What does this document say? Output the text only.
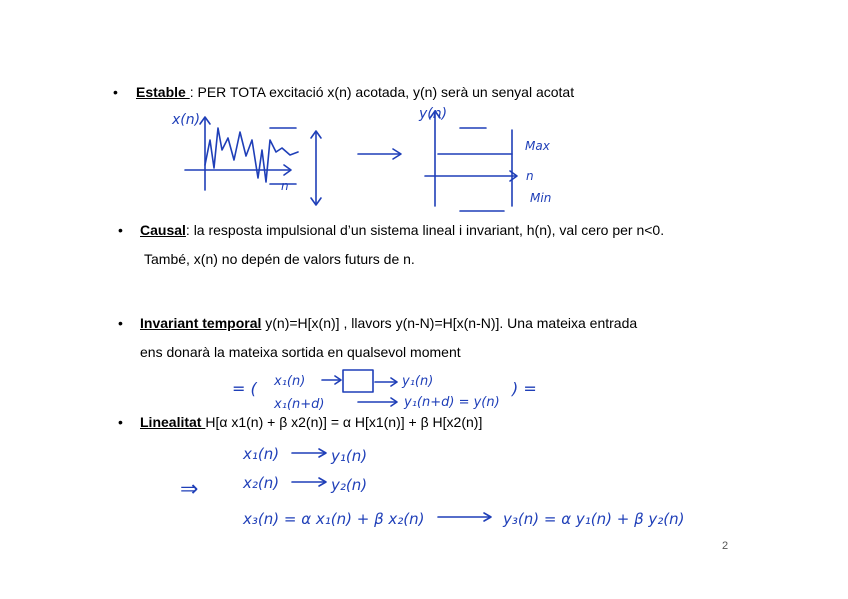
• Estable : PER TOTA excitació x(n) acotada, y(n) serà un senyal acotat
• Causal: la resposta impulsional d’un sistema lineal i invariant, h(n), val cero per n<0.
També, x(n) no depén de valors futurs de n.
• Invariant temporal y(n)=H[x(n)] , llavors y(n-N)=H[x(n-N)]. Una mateixa entrada
ens donarà la mateixa sortida en qualsevol moment
• Linealitat H[α x1(n) + β x2(n)] = α H[x1(n)] + β H[x2(n)]
x(n)
n
y(n)
Max
n
Min
= ( x₁(n)
x₁(n+d)
y₁(n)
y₁(n+d) = y(n)
) =
⇒
x₁(n)	y₁(n)
x₂(n)	y₂(n)
x₃(n) = α x₁(n) + β x₂(n)	y₃(n) = α y₁(n) + β y₂(n)
2
